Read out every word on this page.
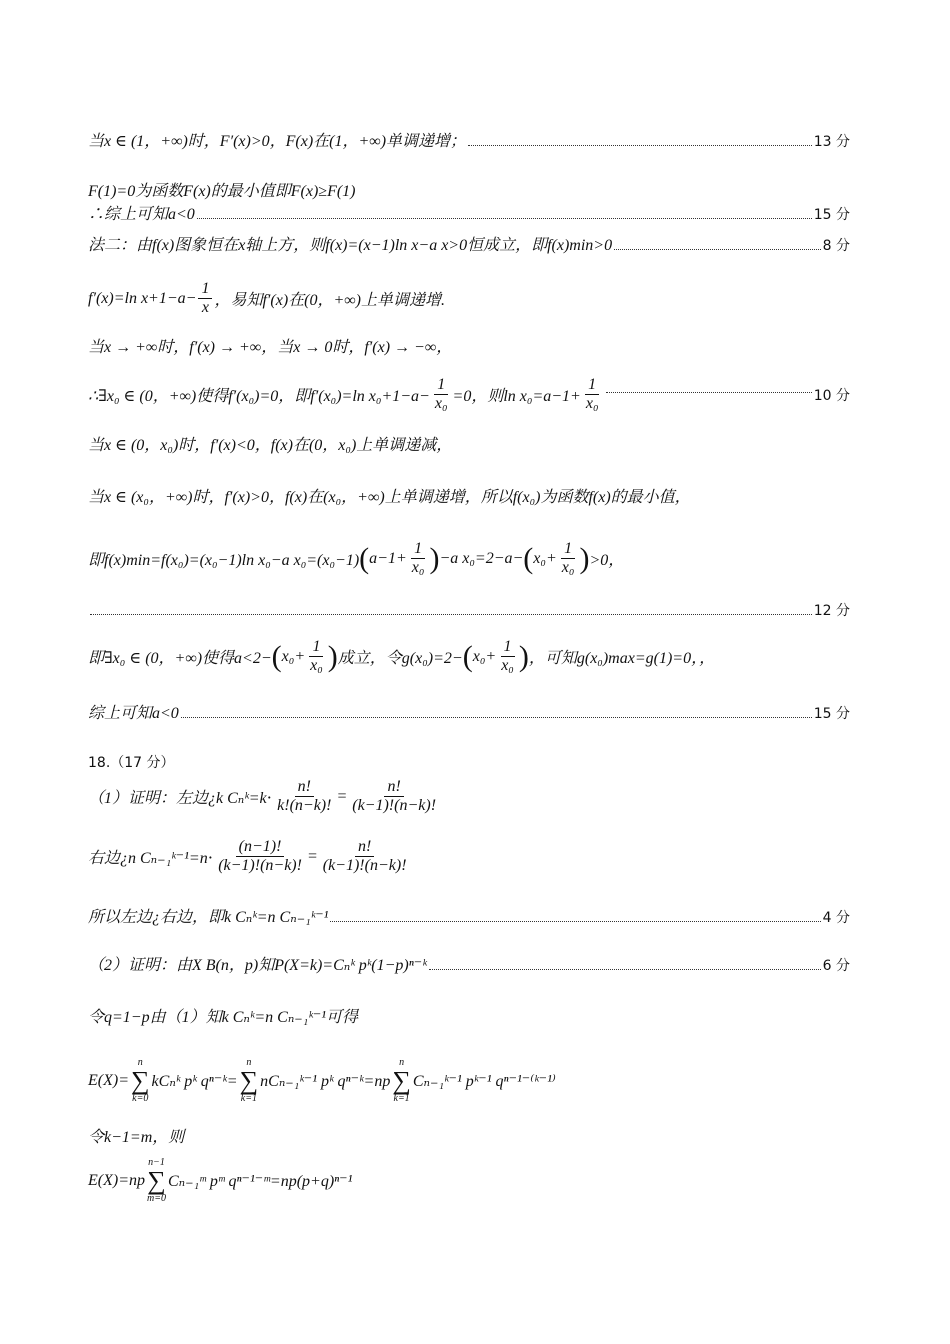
当x ∈ (1，+∞)时，F′(x)>0，F(x)在(1，+∞)单调递增；	13 分
F(1)=0为函数F(x)的最小值即F(x)≥F(1)
∴综上可知a<0	15 分
法二：由f(x)图象恒在x轴上方，则f(x)=(x−1)ln x−a x>0恒成立，即f(x)min>0	8 分
f′(x)=ln $x+1-a- \frac{1}{x}$ ，易知f′(x)在(0，+∞)上单调递增.
当x → +∞时，f′(x) → +∞，当x → 0时，f′(x) → −∞，
∴∃x₀ ∈ (0，+∞)使得f′(x₀)=0，即f′(x₀)=ln $x_0+1-a- \frac{1}{\text{x₀}} =0$，则$\ln x_0=a-1+ \frac{1}{\text{x₀}}$	10 分
当x ∈ (0，x₀)时，f′(x)<0，f(x)在(0，x₀)上单调递减，
当x ∈ (x₀，+∞)时，f′(x)>0，f(x)在(x₀，+∞)上单调递增，所以f(x₀)为函数f(x)的最小值，
即f(x)min=f(x₀)=(x₀−1)ln x₀−a x₀=(x₀−1) ( $a-1+ \frac{1}{\text{x₀}}$ ) −a x₀=2−a− ( $x_0+ \frac{1}{\text{x₀}}$ ) >0，
12 分
即∃x₀ ∈ (0，+∞)使得a<2− ( $x_0+ \frac{1}{\text{x₀}}$ ) 成立，令g(x₀)=2− ( $x_0+ \frac{1}{\text{x₀}}$ ) ，可知g(x₀)max=g(1)=0，，
综上可知a<0	15 分
18.（17 分）
（1）证明：左边¿k Cₙᵏ=k⋅ $\frac{n!}{k!(n-k)!} = \frac{n!}{(k-1)!(n-k)!}$
右边¿n Cₙ₋₁ᵏ⁻¹=n⋅ $\frac{(n-1)!}{(k-1)!(n-k)!} = \frac{n!}{(k-1)!(n-k)!}$
所以左边¿右边，即k Cₙᵏ=n Cₙ₋₁ᵏ⁻¹	4 分
（2）证明：由X B(n，p)知P(X=k)=Cₙᵏ pᵏ(1−p)ⁿ⁻ᵏ	6 分
令q=1−p由（1）知k Cₙᵏ=n Cₙ₋₁ᵏ⁻¹可得
E(X)=
n
∑
k=0
kCₙᵏ pᵏ qⁿ⁻ᵏ=
n
∑
k=1
nCₙ₋₁ᵏ⁻¹ pᵏ qⁿ⁻ᵏ=np
n
∑
k=1
Cₙ₋₁ᵏ⁻¹ pᵏ⁻¹ qⁿ⁻¹⁻⁽ᵏ⁻¹⁾
令k−1=m，则
E(X)=np
n−1
∑
m=0
Cₙ₋₁ᵐ pᵐ qⁿ⁻¹⁻ᵐ=np(p+q)ⁿ⁻¹
